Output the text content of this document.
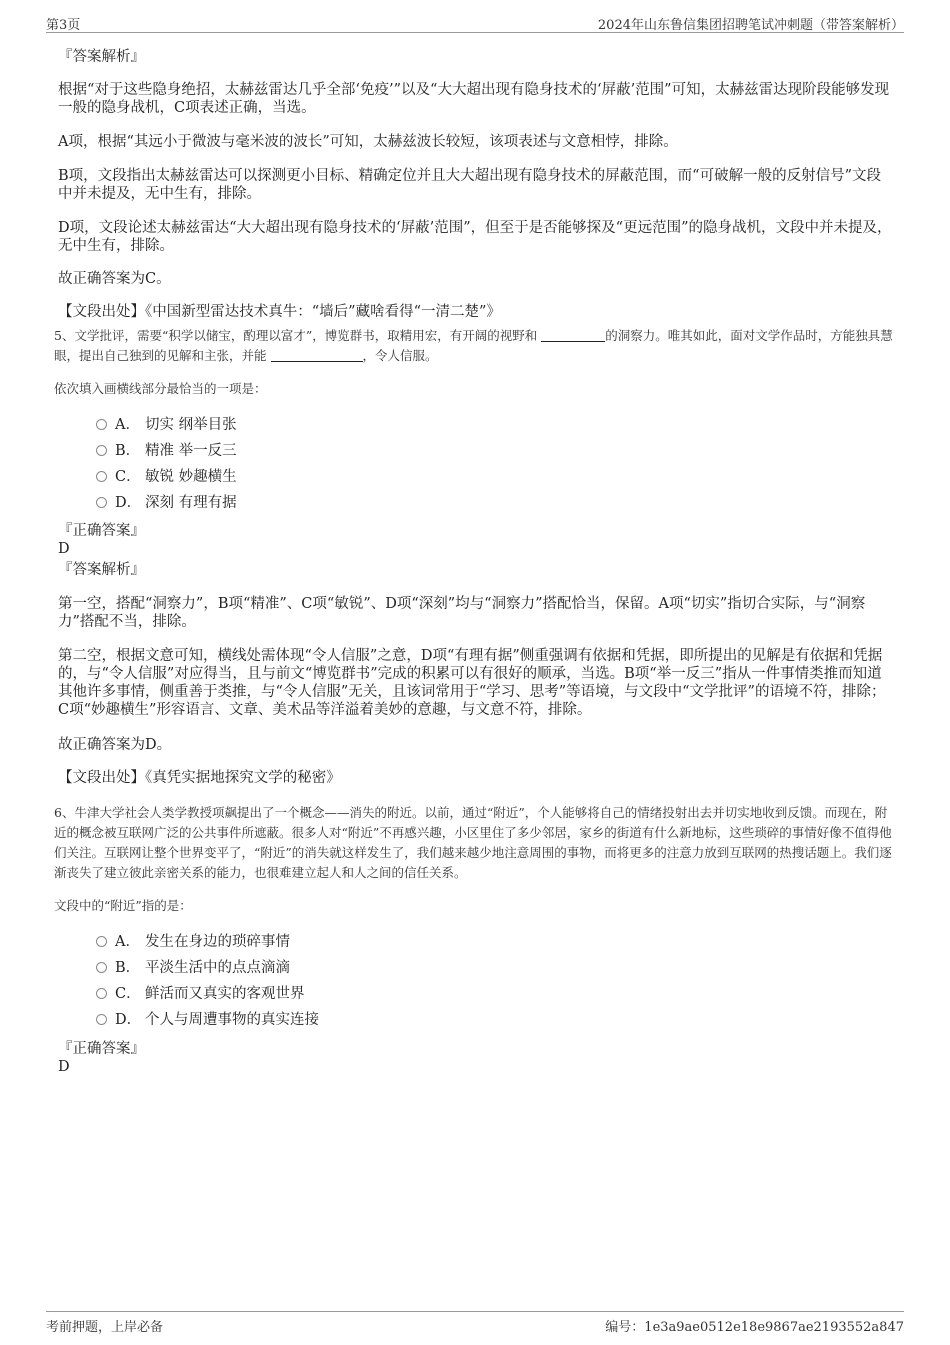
第3页	2024年山东鲁信集团招聘笔试冲刺题（带答案解析）
『答案解析』
根据“对于这些隐身绝招，太赫兹雷达几乎全部‘免疫’”以及“大大超出现有隐身技术的‘屏蔽’范围”可知，太赫兹雷达现阶段能够发现一般的隐身战机，C项表述正确，当选。
A项，根据“其远小于微波与毫米波的波长”可知，太赫兹波长较短，该项表述与文意相悖，排除。
B项，文段指出太赫兹雷达可以探测更小目标、精确定位并且大大超出现有隐身技术的屏蔽范围，而“可破解一般的反射信号”文段中并未提及，无中生有，排除。
D项，文段论述太赫兹雷达“大大超出现有隐身技术的‘屏蔽’范围”，但至于是否能够探及“更远范围”的隐身战机，文段中并未提及，无中生有，排除。
故正确答案为C。
【文段出处】《中国新型雷达技术真牛：“墙后”藏啥看得“一清二楚”》
5、文学批评，需要“积学以储宝，酌理以富才”，博览群书，取精用宏，有开阔的视野和	的洞察力。唯其如此，面对文学作品时，方能独具慧眼，提出自己独到的见解和主张，并能	，令人信服。
依次填入画横线部分最恰当的一项是：
A． 切实 纲举目张
B． 精准 举一反三
C． 敏锐 妙趣横生
D． 深刻 有理有据
『正确答案』
D
『答案解析』
第一空，搭配“洞察力”，B项“精准”、C项“敏锐”、D项“深刻”均与“洞察力”搭配恰当，保留。A项“切实”指切合实际，与“洞察力”搭配不当，排除。
第二空，根据文意可知，横线处需体现“令人信服”之意，D项“有理有据”侧重强调有依据和凭据，即所提出的见解是有依据和凭据的，与“令人信服”对应得当，且与前文“博览群书”完成的积累可以有很好的顺承，当选。B项“举一反三”指从一件事情类推而知道其他许多事情，侧重善于类推，与“令人信服”无关，且该词常用于“学习、思考”等语境，与文段中“文学批评”的语境不符，排除；C项“妙趣横生”形容语言、文章、美术品等洋溢着美妙的意趣，与文意不符，排除。
故正确答案为D。
【文段出处】《真凭实据地探究文学的秘密》
6、牛津大学社会人类学教授项飙提出了一个概念——消失的附近。以前，通过“附近”，个人能够将自己的情绪投射出去并切实地收到反馈。而现在，附近的概念被互联网广泛的公共事件所遮蔽。很多人对“附近”不再感兴趣，小区里住了多少邻居，家乡的街道有什么新地标，这些琐碎的事情好像不值得他们关注。互联网让整个世界变平了，“附近”的消失就这样发生了，我们越来越少地注意周围的事物，而将更多的注意力放到互联网的热搜话题上。我们逐渐丧失了建立彼此亲密关系的能力，也很难建立起人和人之间的信任关系。
文段中的“附近”指的是：
A． 发生在身边的琐碎事情
B． 平淡生活中的点点滴滴
C． 鲜活而又真实的客观世界
D． 个人与周遭事物的真实连接
『正确答案』
D
考前押题，上岸必备	编号：1e3a9ae0512e18e9867ae2193552a847
